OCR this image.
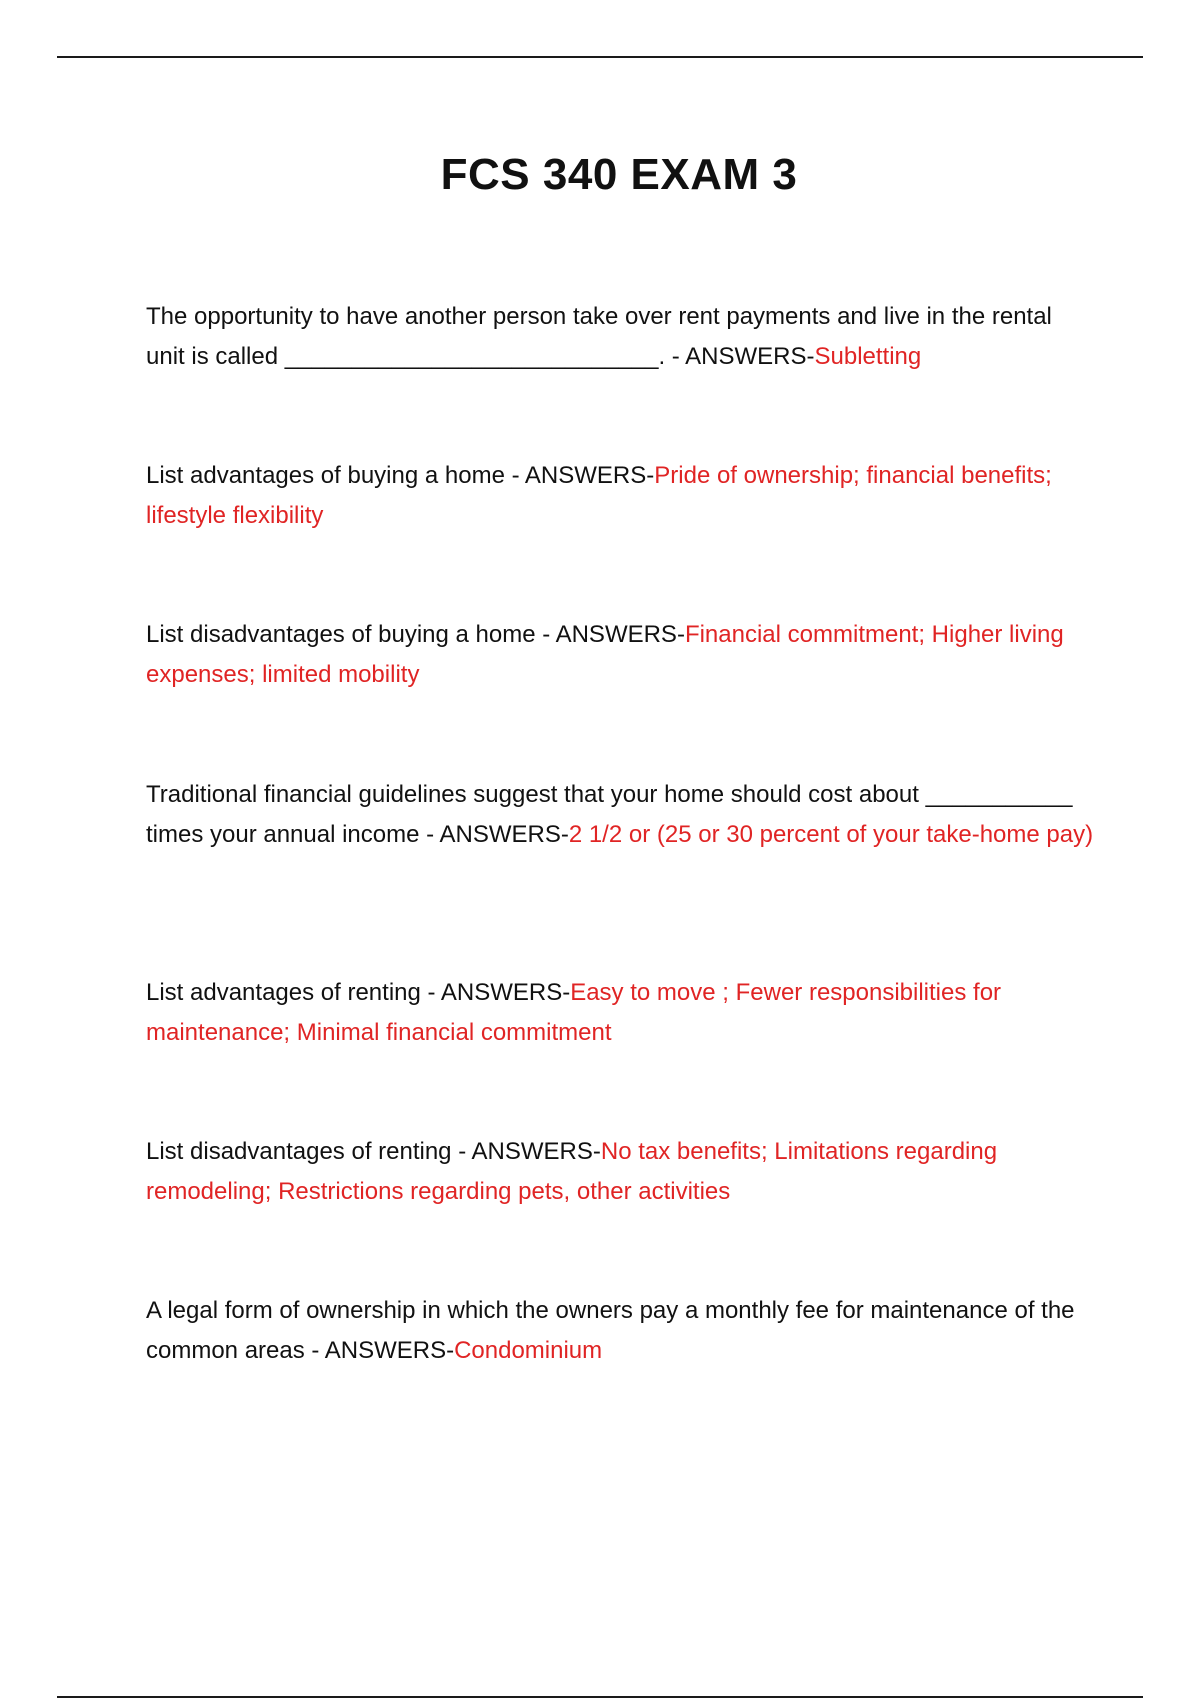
FCS 340 EXAM 3

The opportunity to have another person take over rent payments and live in the rental unit is called ____________________________. - ANSWERS-Subletting

List advantages of buying a home - ANSWERS-Pride of ownership; financial benefits; lifestyle flexibility

List disadvantages of buying a home - ANSWERS-Financial commitment; Higher living expenses; limited mobility

Traditional financial guidelines suggest that your home should cost about ___________ times your annual income - ANSWERS-2 1/2 or (25 or 30 percent of your take-home pay)

List advantages of renting - ANSWERS-Easy to move ; Fewer responsibilities for maintenance; Minimal financial commitment

List disadvantages of renting - ANSWERS-No tax benefits; Limitations regarding remodeling; Restrictions regarding pets, other activities

A legal form of ownership in which the owners pay a monthly fee for maintenance of the common areas - ANSWERS-Condominium
